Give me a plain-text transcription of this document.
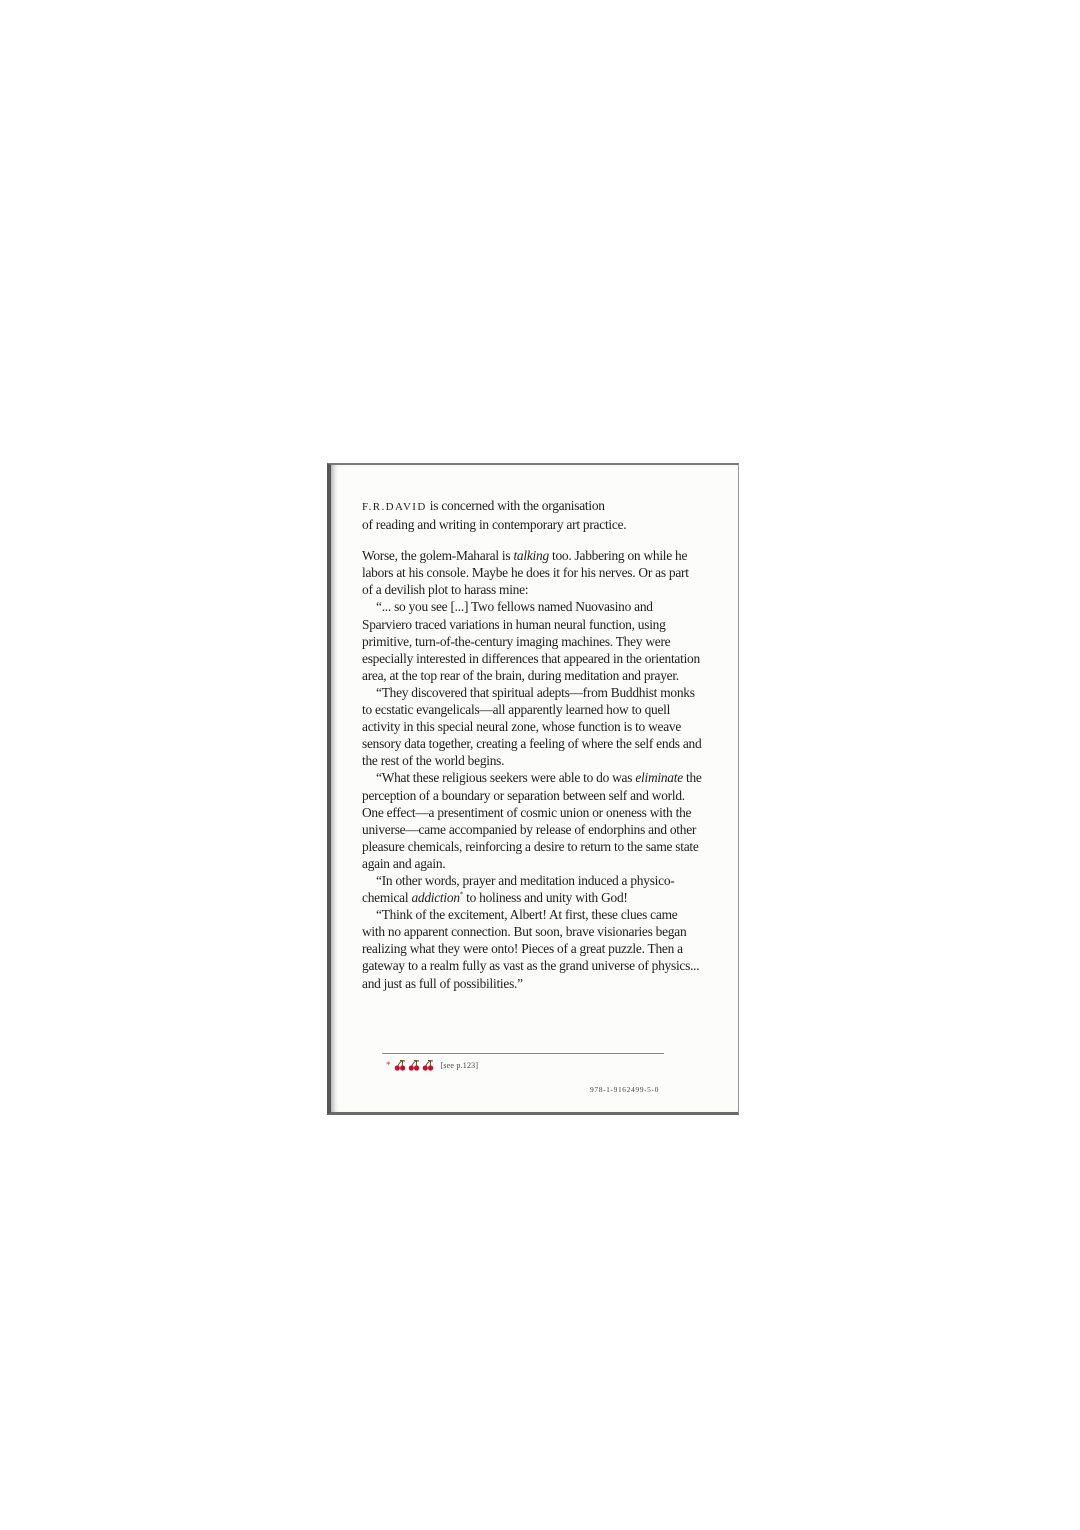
F.R.DAVID is concerned with the organisation
of reading and writing in contemporary art practice.

Worse, the golem-Maharal is talking too. Jabbering on while he labors at his console. Maybe he does it for his nerves. Or as part of a devilish plot to harass mine:

“... so you see [...] Two fellows named Nuovasino and Sparviero traced variations in human neural function, using primitive, turn-of-the-century imaging machines. They were especially interested in differences that appeared in the orientation area, at the top rear of the brain, during meditation and prayer.

“They discovered that spiritual adepts—from Buddhist monks to ecstatic evangelicals—all apparently learned how to quell activity in this special neural zone, whose function is to weave sensory data together, creating a feeling of where the self ends and the rest of the world begins.

“What these religious seekers were able to do was eliminate the perception of a boundary or separation between self and world. One effect—a presentiment of cosmic union or oneness with the universe—came accompanied by release of endorphins and other pleasure chemicals, reinforcing a desire to return to the same state again and again.

“In other words, prayer and meditation induced a physico-chemical addiction* to holiness and unity with God!

“Think of the excitement, Albert! At first, these clues came with no apparent connection. But soon, brave visionaries began realizing what they were onto! Pieces of a great puzzle. Then a gateway to a realm fully as vast as the grand universe of physics... and just as full of possibilities.”

*	[see p.123]
978-1-9162499-5-0
